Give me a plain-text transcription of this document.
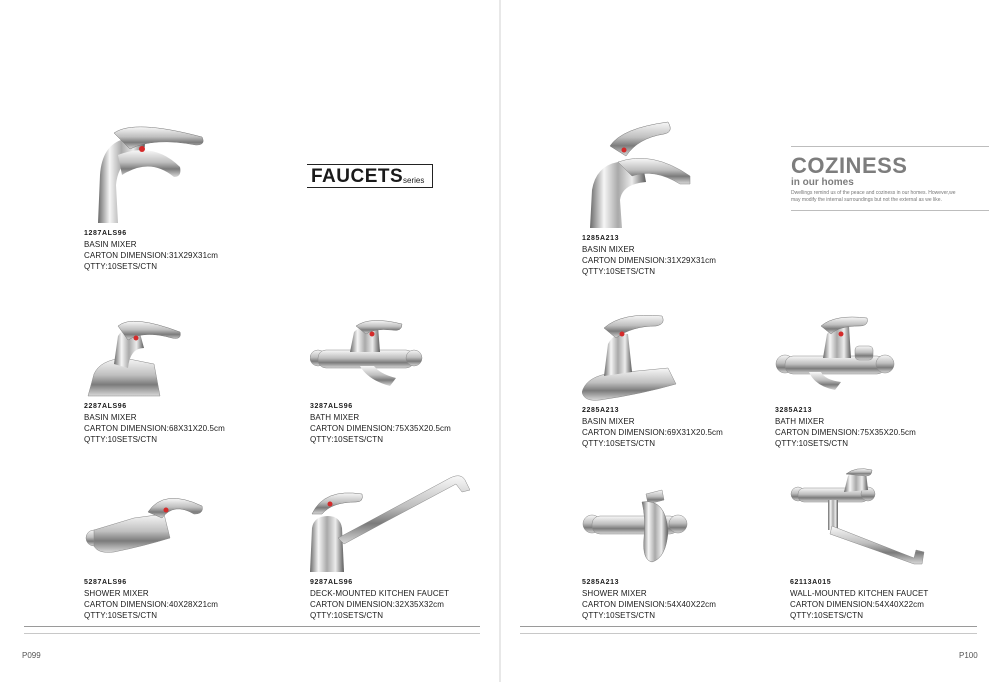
1287ALS96
BASIN MIXER
CARTON DIMENSION:31X29X31cm
QTTY:10SETS/CTN
FAUCETS series
2287ALS96
BASIN MIXER
CARTON DIMENSION:68X31X20.5cm
QTTY:10SETS/CTN
3287ALS96
BATH MIXER
CARTON DIMENSION:75X35X20.5cm
QTTY:10SETS/CTN
5287ALS96
SHOWER MIXER
CARTON DIMENSION:40X28X21cm
QTTY:10SETS/CTN
9287ALS96
DECK-MOUNTED KITCHEN FAUCET
CARTON DIMENSION:32X35X32cm
QTTY:10SETS/CTN
P099
1285A213
BASIN MIXER
CARTON DIMENSION:31X29X31cm
QTTY:10SETS/CTN
COZINESS
in our homes
Dwellings remind us of the peace and coziness in our homes. However,we may modify the internal surroundings but not the external as we like.
2285A213
BASIN MIXER
CARTON DIMENSION:69X31X20.5cm
QTTY:10SETS/CTN
3285A213
BATH MIXER
CARTON DIMENSION:75X35X20.5cm
QTTY:10SETS/CTN
5285A213
SHOWER MIXER
CARTON DIMENSION:54X40X22cm
QTTY:10SETS/CTN
62113A015
WALL-MOUNTED KITCHEN FAUCET
CARTON DIMENSION:54X40X22cm
QTTY:10SETS/CTN
P100
